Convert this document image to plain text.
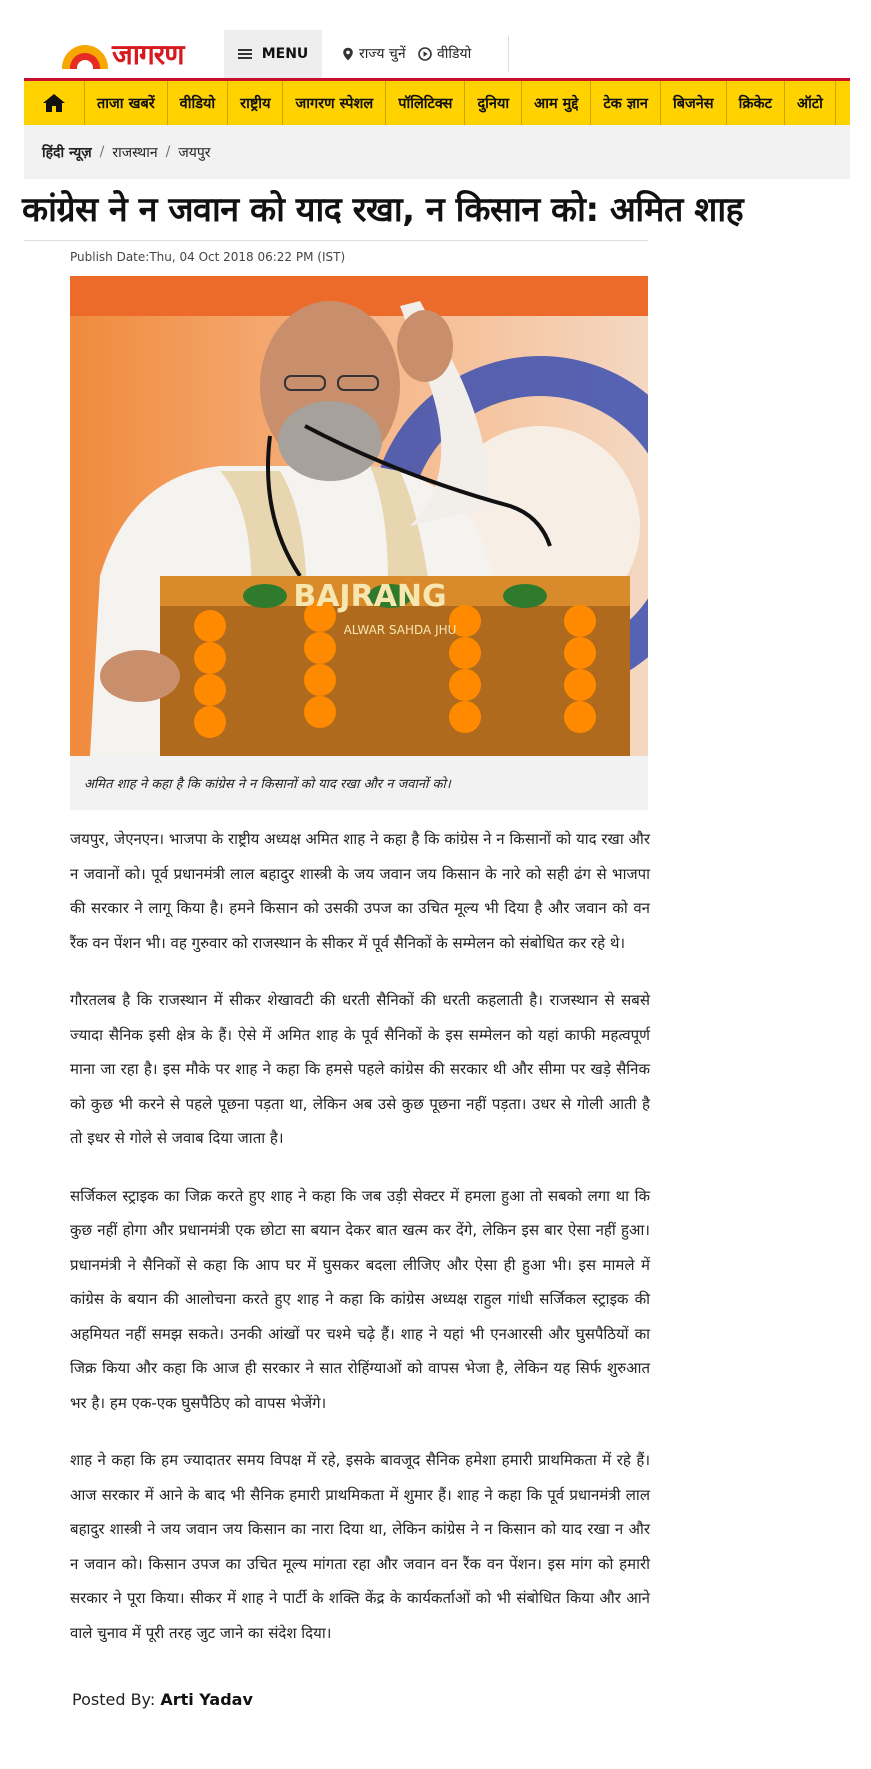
जागरण	MENU	राज्य चुनें वीडियो
ताजा खबरें	वीडियो	राष्ट्रीय	जागरण स्पेशल	पॉलिटिक्स	दुनिया	आम मुद्दे	टेक ज्ञान	बिजनेस	क्रिकेट	ऑटो
हिंदी न्यूज़ / राजस्थान / जयपुर
कांग्रेस ने न जवान को याद रखा, न किसान को: अमित शाह
Publish Date:Thu, 04 Oct 2018 06:22 PM (IST)
BAJRANG
ALWAR SAHDA JHU
अमित शाह ने कहा है कि कांग्रेस ने न किसानों को याद रखा और न जवानों को।

जयपुर, जेएनएन। भाजपा के राष्ट्रीय अध्यक्ष अमित शाह ने कहा है कि कांग्रेस ने न किसानों को याद रखा और न जवानों को। पूर्व प्रधानमंत्री लाल बहादुर शास्त्री के जय जवान जय किसान के नारे को सही ढंग से भाजपा की सरकार ने लागू किया है। हमने किसान को उसकी उपज का उचित मूल्य भी दिया है और जवान को वन रैंक वन पेंशन भी। वह गुरुवार को राजस्थान के सीकर में पूर्व सैनिकों के सम्मेलन को संबोधित कर रहे थे।

गौरतलब है कि राजस्थान में सीकर शेखावटी की धरती सैनिकों की धरती कहलाती है। राजस्थान से सबसे ज्यादा सैनिक इसी क्षेत्र के हैं। ऐसे में अमित शाह के पूर्व सैनिकों के इस सम्मेलन को यहां काफी महत्वपूर्ण माना जा रहा है। इस मौके पर शाह ने कहा कि हमसे पहले कांग्रेस की सरकार थी और सीमा पर खड़े सैनिक को कुछ भी करने से पहले पूछना पड़ता था, लेकिन अब उसे कुछ पूछना नहीं पड़ता। उधर से गोली आती है तो इधर से गोले से जवाब दिया जाता है।

सर्जिकल स्ट्राइक का जिक्र करते हुए शाह ने कहा कि जब उड़ी सेक्टर में हमला हुआ तो सबको लगा था कि कुछ नहीं होगा और प्रधानमंत्री एक छोटा सा बयान देकर बात खत्म कर देंगे, लेकिन इस बार ऐसा नहीं हुआ। प्रधानमंत्री ने सैनिकों से कहा कि आप घर में घुसकर बदला लीजिए और ऐसा ही हुआ भी। इस मामले में कांग्रेस के बयान की आलोचना करते हुए शाह ने कहा कि कांग्रेस अध्यक्ष राहुल गांधी सर्जिकल स्ट्राइक की अहमियत नहीं समझ सकते। उनकी आंखों पर चश्मे चढ़े हैं। शाह ने यहां भी एनआरसी और घुसपैठियों का जिक्र किया और कहा कि आज ही सरकार ने सात रोहिंग्याओं को वापस भेजा है, लेकिन यह सिर्फ शुरुआत भर है। हम एक-एक घुसपैठिए को वापस भेजेंगे।

शाह ने कहा कि हम ज्यादातर समय विपक्ष में रहे, इसके बावजूद सैनिक हमेशा हमारी प्राथमिकता में रहे हैं। आज सरकार में आने के बाद भी सैनिक हमारी प्राथमिकता में शुमार हैं। शाह ने कहा कि पूर्व प्रधानमंत्री लाल बहादुर शास्त्री ने जय जवान जय किसान का नारा दिया था, लेकिन कांग्रेस ने न किसान को याद रखा न और न जवान को। किसान उपज का उचित मूल्य मांगता रहा और जवान वन रैंक वन पेंशन। इस मांग को हमारी सरकार ने पूरा किया। सीकर में शाह ने पार्टी के शक्ति केंद्र के कार्यकर्ताओं को भी संबोधित किया और आने वाले चुनाव में पूरी तरह जुट जाने का संदेश दिया।

Posted By: Arti Yadav
